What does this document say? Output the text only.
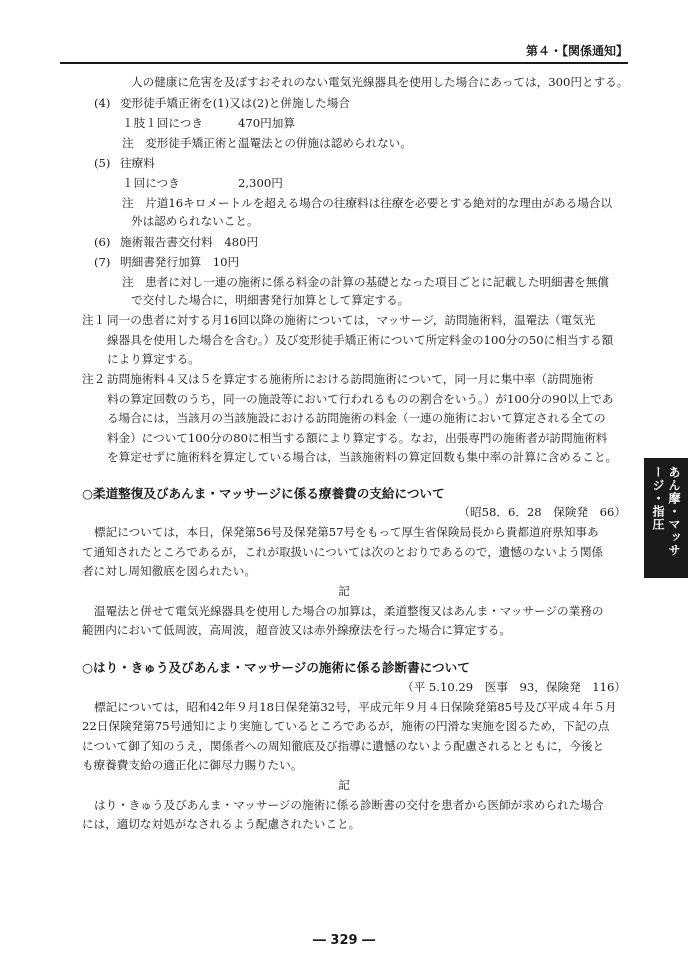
第４・【関係通知】
あん摩・マッサ
ージ・指圧
人の健康に危害を及ぼすおそれのない電気光線器具を使用した場合にあっては，300円とする。
(4) 変形徒手矯正術を(1)又は(2)と併施した場合
１肢１回につき	470円加算
注　変形徒手矯正術と温罨法との併施は認められない。
(5) 往療料
１回につき	2,300円
注　片道16キロメートルを超える場合の往療料は往療を必要とする絶対的な理由がある場合以
外は認められないこと。
(6) 施術報告書交付料　480円
(7) 明細書発行加算　10円
注　患者に対し一連の施術に係る料金の計算の基礎となった項目ごとに記載した明細書を無償
で交付した場合に，明細書発行加算として算定する。
注１ 同一の患者に対する月16回以降の施術については，マッサージ，訪問施術料，温罨法（電気光
線器具を使用した場合を含む。）及び変形徒手矯正術について所定料金の100分の50に相当する額
により算定する。
注２ 訪問施術料４又は５を算定する施術所における訪問施術について，同一月に集中率（訪問施術
料の算定回数のうち，同一の施設等において行われるものの割合をいう。）が100分の90以上であ
る場合には，当該月の当該施設における訪問施術の料金（一連の施術において算定される全ての
料金）について100分の80に相当する額により算定する。なお，出張専門の施術者が訪問施術料
を算定せずに施術料を算定している場合は，当該施術料の算定回数も集中率の計算に含めること。
○柔道整復及びあんま・マッサージに係る療養費の支給について
（昭58．6．28　保険発　66）
標記については，本日，保発第56号及保発第57号をもって厚生省保険局長から貴都道府県知事あ
て通知されたところであるが，これが取扱いについては次のとおりであるので，遺憾のないよう関係
者に対し周知徹底を図られたい。
記
温罨法と併せて電気光線器具を使用した場合の加算は，柔道整復又はあんま・マッサージの業務の
範囲内において低周波，高周波，超音波又は赤外線療法を行った場合に算定する。
○はり・きゅう及びあんま・マッサージの施術に係る診断書について
（平 5.10.29　医事　93，保険発　116）
標記については，昭和42年９月18日保発第32号，平成元年９月４日保険発第85号及び平成４年５月
22日保険発第75号通知により実施しているところであるが，施術の円滑な実施を図るため，下記の点
について御了知のうえ，関係者への周知徹底及び指導に遺憾のないよう配慮されるとともに，今後と
も療養費支給の適正化に御尽力賜りたい。
記
はり・きゅう及びあんま・マッサージの施術に係る診断書の交付を患者から医師が求められた場合
には，適切な対処がなされるよう配慮されたいこと。
― 329 ―
